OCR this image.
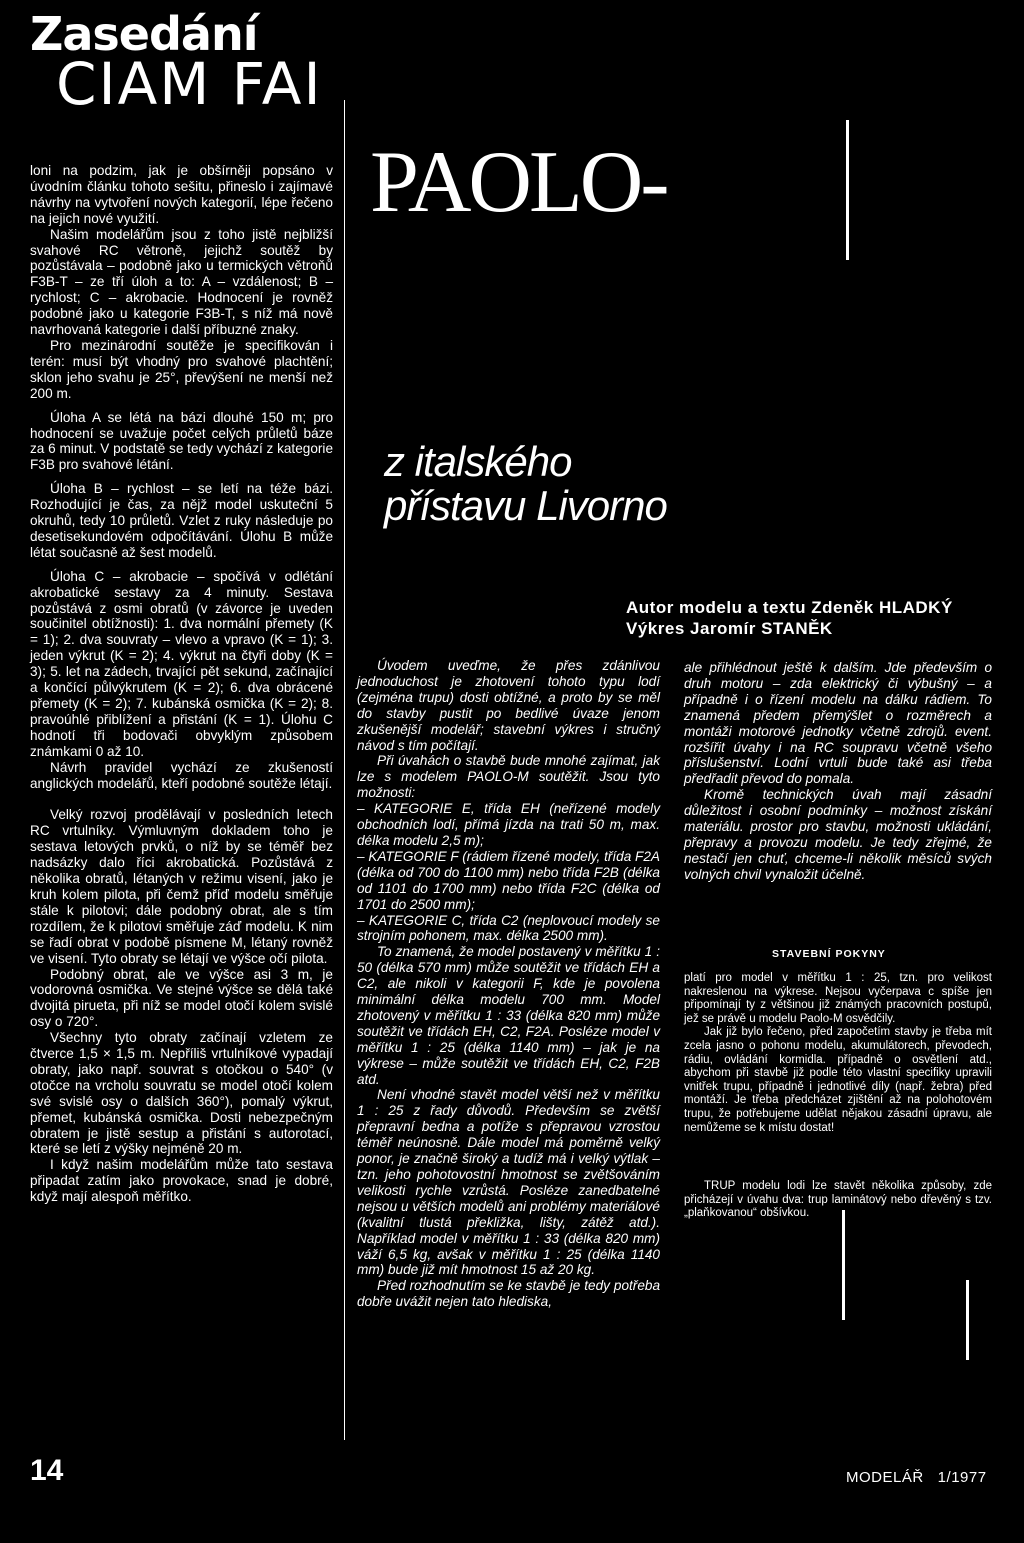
Zasedání
CIAM FAI

loni na podzim, jak je obšírněji popsáno v úvodním článku tohoto sešitu, přineslo i zajímavé návrhy na vytvoření nových kategorií, lépe řečeno na jejich nové využití.

Našim modelářům jsou z toho jistě nejbližší svahové RC větroně, jejichž soutěž by pozůstávala – podobně jako u termických větroňů F3B-T – ze tří úloh a to: A – vzdálenost; B – rychlost; C – akrobacie. Hodnocení je rovněž podobné jako u kategorie F3B-T, s níž má nově navrhovaná kategorie i další příbuzné znaky.

Pro mezinárodní soutěže je specifikován i terén: musí být vhodný pro svahové plachtění; sklon jeho svahu je 25°, převýšení ne menší než 200 m.

Úloha A se létá na bázi dlouhé 150 m; pro hodnocení se uvažuje počet celých průletů báze za 6 minut. V podstatě se tedy vychází z kategorie F3B pro svahové létání.

Úloha B – rychlost – se letí na téže bázi. Rozhodující je čas, za nějž model uskuteční 5 okruhů, tedy 10 průletů. Vzlet z ruky následuje po desetisekundovém odpočítávání. Úlohu B může létat současně až šest modelů.

Úloha C – akrobacie – spočívá v odlétání akrobatické sestavy za 4 minuty. Sestava pozůstává z osmi obratů (v závorce je uveden součinitel obtížnosti): 1. dva normální přemety (K = 1); 2. dva souvraty – vlevo a vpravo (K = 1); 3. jeden výkrut (K = 2); 4. výkrut na čtyři doby (K = 3); 5. let na zádech, trvající pět sekund, začínající a končící půlvýkrutem (K = 2); 6. dva obrácené přemety (K = 2); 7. kubánská osmička (K = 2); 8. pravoúhlé přiblížení a přistání (K = 1). Úlohu C hodnotí tři bodovači obvyklým způsobem známkami 0 až 10.

Návrh pravidel vychází ze zkušeností anglických modelářů, kteří podobné soutěže létají.

Velký rozvoj prodělávají v posledních letech RC vrtulníky. Výmluvným dokladem toho je sestava letových prvků, o níž by se téměř bez nadsázky dalo říci akrobatická. Pozůstává z několika obratů, létaných v režimu visení, jako je kruh kolem pilota, při čemž příď modelu směřuje stále k pilotovi; dále podobný obrat, ale s tím rozdílem, že k pilotovi směřuje záď modelu. K nim se řadí obrat v podobě písmene M, létaný rovněž ve visení. Tyto obraty se létají ve výšce očí pilota.

Podobný obrat, ale ve výšce asi 3 m, je vodorovná osmička. Ve stejné výšce se dělá také dvojitá pirueta, při níž se model otočí kolem svislé osy o 720°.

Všechny tyto obraty začínají vzletem ze čtverce 1,5 × 1,5 m. Nepříliš vrtulníkové vypadají obraty, jako např. souvrat s otočkou o 540° (v otočce na vrcholu souvratu se model otočí kolem své svislé osy o dalších 360°), pomalý výkrut, přemet, kubánská osmička. Dosti nebezpečným obratem je jistě sestup a přistání s autorotací, které se letí z výšky nejméně 20 m.

I když našim modelářům může tato sestava připadat zatím jako provokace, snad je dobré, když mají alespoň měřítko.

PAOLO-
z italského
přístavu Livorno
Autor modelu a textu Zdeněk HLADKÝ
Výkres Jaromír STANĚK

Úvodem uveďme, že přes zdánlivou jednoduchost je zhotovení tohoto typu lodí (zejména trupu) dosti obtížné, a proto by se měl do stavby pustit po bedlivé úvaze jenom zkušenější modelář; stavební výkres i stručný návod s tím počítají.

Při úvahách o stavbě bude mnohé zajímat, jak lze s modelem PAOLO-M soutěžit. Jsou tyto možnosti:

– KATEGORIE E, třída EH (neřízené modely obchodních lodí, přímá jízda na trati 50 m, max. délka modelu 2,5 m);

– KATEGORIE F (rádiem řízené modely, třída F2A (délka od 700 do 1100 mm) nebo třída F2B (délka od 1101 do 1700 mm) nebo třída F2C (délka od 1701 do 2500 mm);

– KATEGORIE C, třída C2 (neplovoucí modely se strojním pohonem, max. délka 2500 mm).

To znamená, že model postavený v měřítku 1 : 50 (délka 570 mm) může soutěžit ve třídách EH a C2, ale nikoli v kategorii F, kde je povolena minimální délka modelu 700 mm. Model zhotovený v měřítku 1 : 33 (délka 820 mm) může soutěžit ve třídách EH, C2, F2A. Posléze model v měřítku 1 : 25 (délka 1140 mm) – jak je na výkrese – může soutěžit ve třídách EH, C2, F2B atd.

Není vhodné stavět model větší než v měřítku 1 : 25 z řady důvodů. Především se zvětší přepravní bedna a potíže s přepravou vzrostou téměř neúnosně. Dále model má poměrně velký ponor, je značně široký a tudíž má i velký výtlak – tzn. jeho pohotovostní hmotnost se zvětšováním velikosti rychle vzrůstá. Posléze zanedbatelné nejsou u větších modelů ani problémy materiálové (kvalitní tlustá překližka, lišty, zátěž atd.). Například model v měřítku 1 : 33 (délka 820 mm) váží 6,5 kg, avšak v měřítku 1 : 25 (délka 1140 mm) bude již mít hmotnost 15 až 20 kg.

Před rozhodnutím se ke stavbě je tedy potřeba dobře uvážit nejen tato hlediska,

ale přihlédnout ještě k dalším. Jde především o druh motoru – zda elektrický či výbušný – a případně i o řízení modelu na dálku rádiem. To znamená předem přemýšlet o rozměrech a montáži motorové jednotky včetně zdrojů. event. rozšířit úvahy i na RC soupravu včetně všeho příslušenství. Lodní vrtuli bude také asi třeba předřadit převod do pomala.

Kromě technických úvah mají zásadní důležitost i osobní podmínky – možnost získání materiálu. prostor pro stavbu, možnosti ukládání, přepravy a provozu modelu. Je tedy zřejmé, že nestačí jen chuť, chceme-li několik měsíců svých volných chvil vynaložit účelně.

STAVEBNÍ POKYNY

platí pro model v měřítku 1 : 25, tzn. pro velikost nakreslenou na výkrese. Nejsou vyčerpava c spíše jen připomínají ty z většinou již známých pracovních postupů, jež se právě u modelu Paolo-M osvědčily.

Jak již bylo řečeno, před započetím stavby je třeba mít zcela jasno o pohonu modelu, akumulátorech, převodech, rádiu, ovládání kormidla. případně o osvětlení atd., abychom při stavbě již podle této vlastní specifiky upravili vnitřek trupu, případně i jednotlivé díly (např. žebra) před montáží. Je třeba předcházet zjištění až na polohotovém trupu, že potřebujeme udělat nějakou zásadní úpravu, ale nemůžeme se k místu dostat!

TRUP modelu lodi lze stavět několika způsoby, zde přicházejí v úvahu dva: trup laminátový nebo dřevěný s tzv. „plaňkovanou“ obšívkou.

14	MODELÁŘ   1/1977
